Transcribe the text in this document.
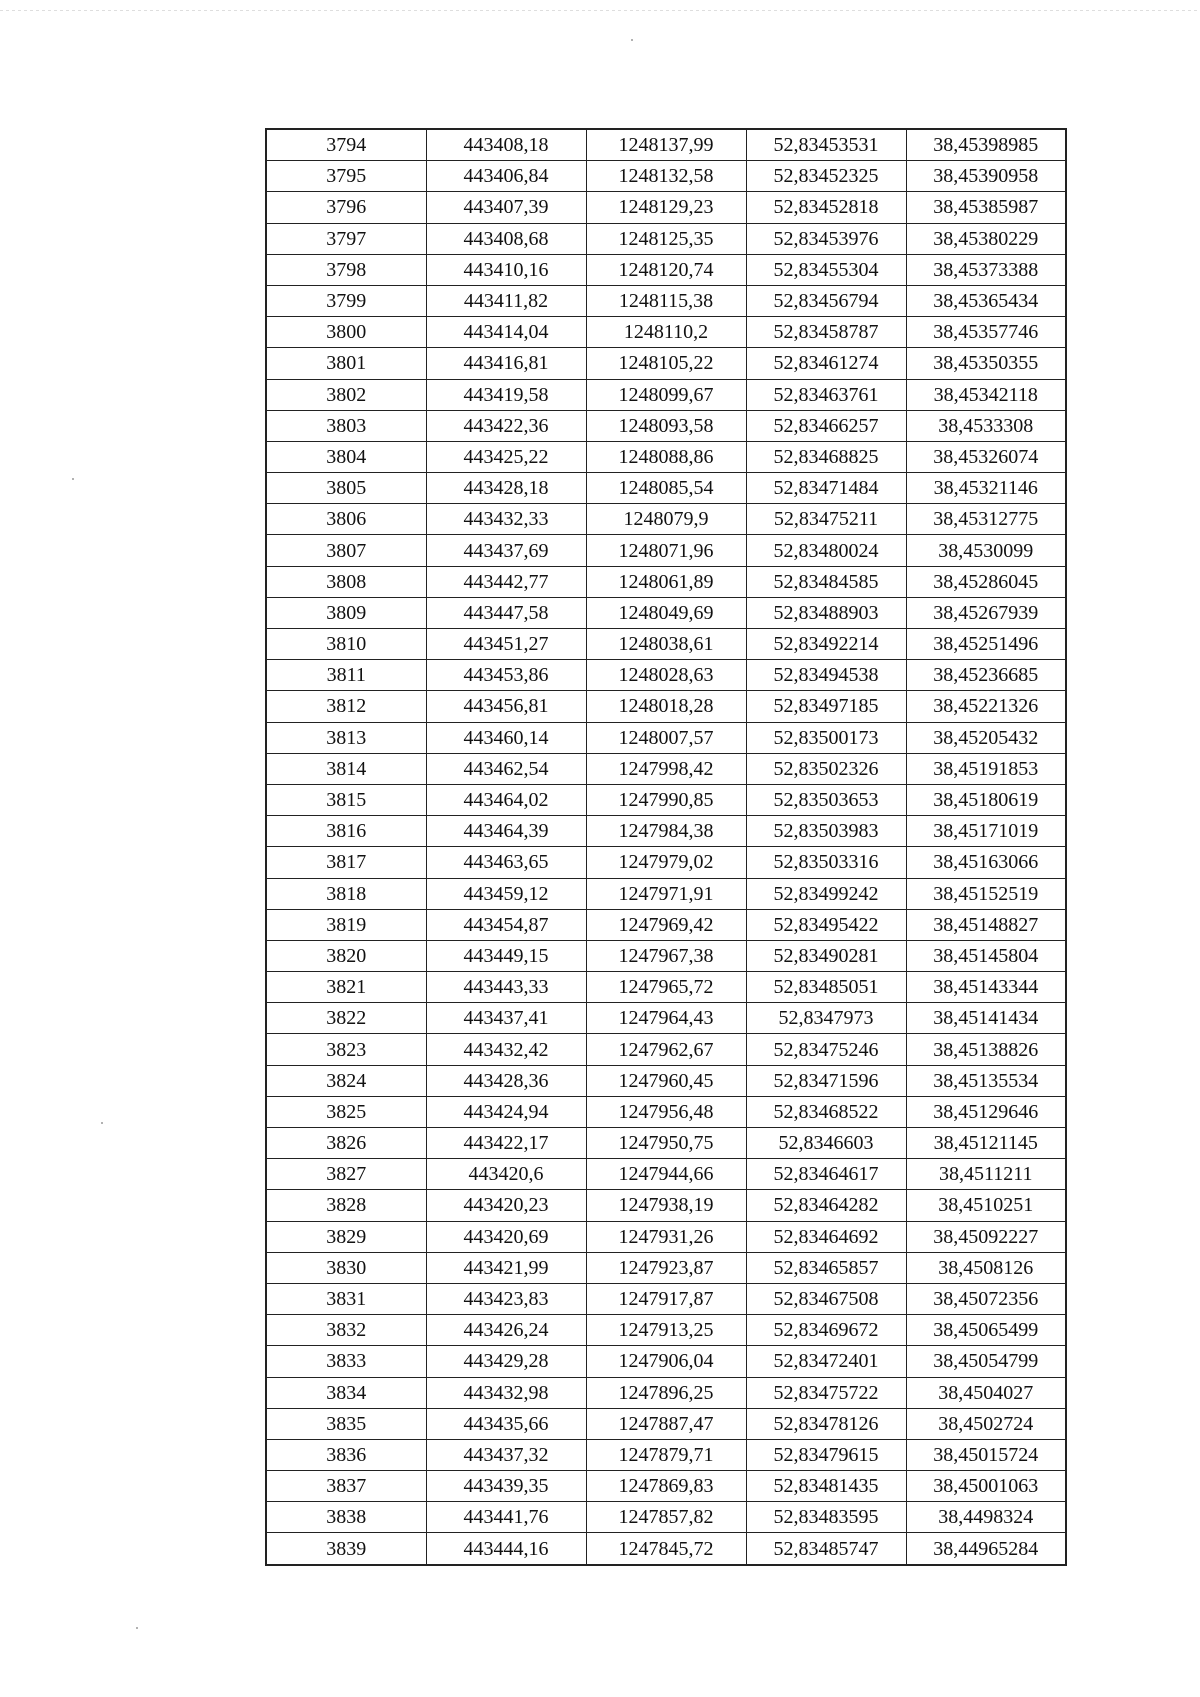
3794	443408,18	1248137,99	52,83453531	38,45398985
3795	443406,84	1248132,58	52,83452325	38,45390958
3796	443407,39	1248129,23	52,83452818	38,45385987
3797	443408,68	1248125,35	52,83453976	38,45380229
3798	443410,16	1248120,74	52,83455304	38,45373388
3799	443411,82	1248115,38	52,83456794	38,45365434
3800	443414,04	1248110,2	52,83458787	38,45357746
3801	443416,81	1248105,22	52,83461274	38,45350355
3802	443419,58	1248099,67	52,83463761	38,45342118
3803	443422,36	1248093,58	52,83466257	38,4533308
3804	443425,22	1248088,86	52,83468825	38,45326074
3805	443428,18	1248085,54	52,83471484	38,45321146
3806	443432,33	1248079,9	52,83475211	38,45312775
3807	443437,69	1248071,96	52,83480024	38,4530099
3808	443442,77	1248061,89	52,83484585	38,45286045
3809	443447,58	1248049,69	52,83488903	38,45267939
3810	443451,27	1248038,61	52,83492214	38,45251496
3811	443453,86	1248028,63	52,83494538	38,45236685
3812	443456,81	1248018,28	52,83497185	38,45221326
3813	443460,14	1248007,57	52,83500173	38,45205432
3814	443462,54	1247998,42	52,83502326	38,45191853
3815	443464,02	1247990,85	52,83503653	38,45180619
3816	443464,39	1247984,38	52,83503983	38,45171019
3817	443463,65	1247979,02	52,83503316	38,45163066
3818	443459,12	1247971,91	52,83499242	38,45152519
3819	443454,87	1247969,42	52,83495422	38,45148827
3820	443449,15	1247967,38	52,83490281	38,45145804
3821	443443,33	1247965,72	52,83485051	38,45143344
3822	443437,41	1247964,43	52,8347973	38,45141434
3823	443432,42	1247962,67	52,83475246	38,45138826
3824	443428,36	1247960,45	52,83471596	38,45135534
3825	443424,94	1247956,48	52,83468522	38,45129646
3826	443422,17	1247950,75	52,8346603	38,45121145
3827	443420,6	1247944,66	52,83464617	38,4511211
3828	443420,23	1247938,19	52,83464282	38,4510251
3829	443420,69	1247931,26	52,83464692	38,45092227
3830	443421,99	1247923,87	52,83465857	38,4508126
3831	443423,83	1247917,87	52,83467508	38,45072356
3832	443426,24	1247913,25	52,83469672	38,45065499
3833	443429,28	1247906,04	52,83472401	38,45054799
3834	443432,98	1247896,25	52,83475722	38,4504027
3835	443435,66	1247887,47	52,83478126	38,4502724
3836	443437,32	1247879,71	52,83479615	38,45015724
3837	443439,35	1247869,83	52,83481435	38,45001063
3838	443441,76	1247857,82	52,83483595	38,4498324
3839	443444,16	1247845,72	52,83485747	38,44965284
